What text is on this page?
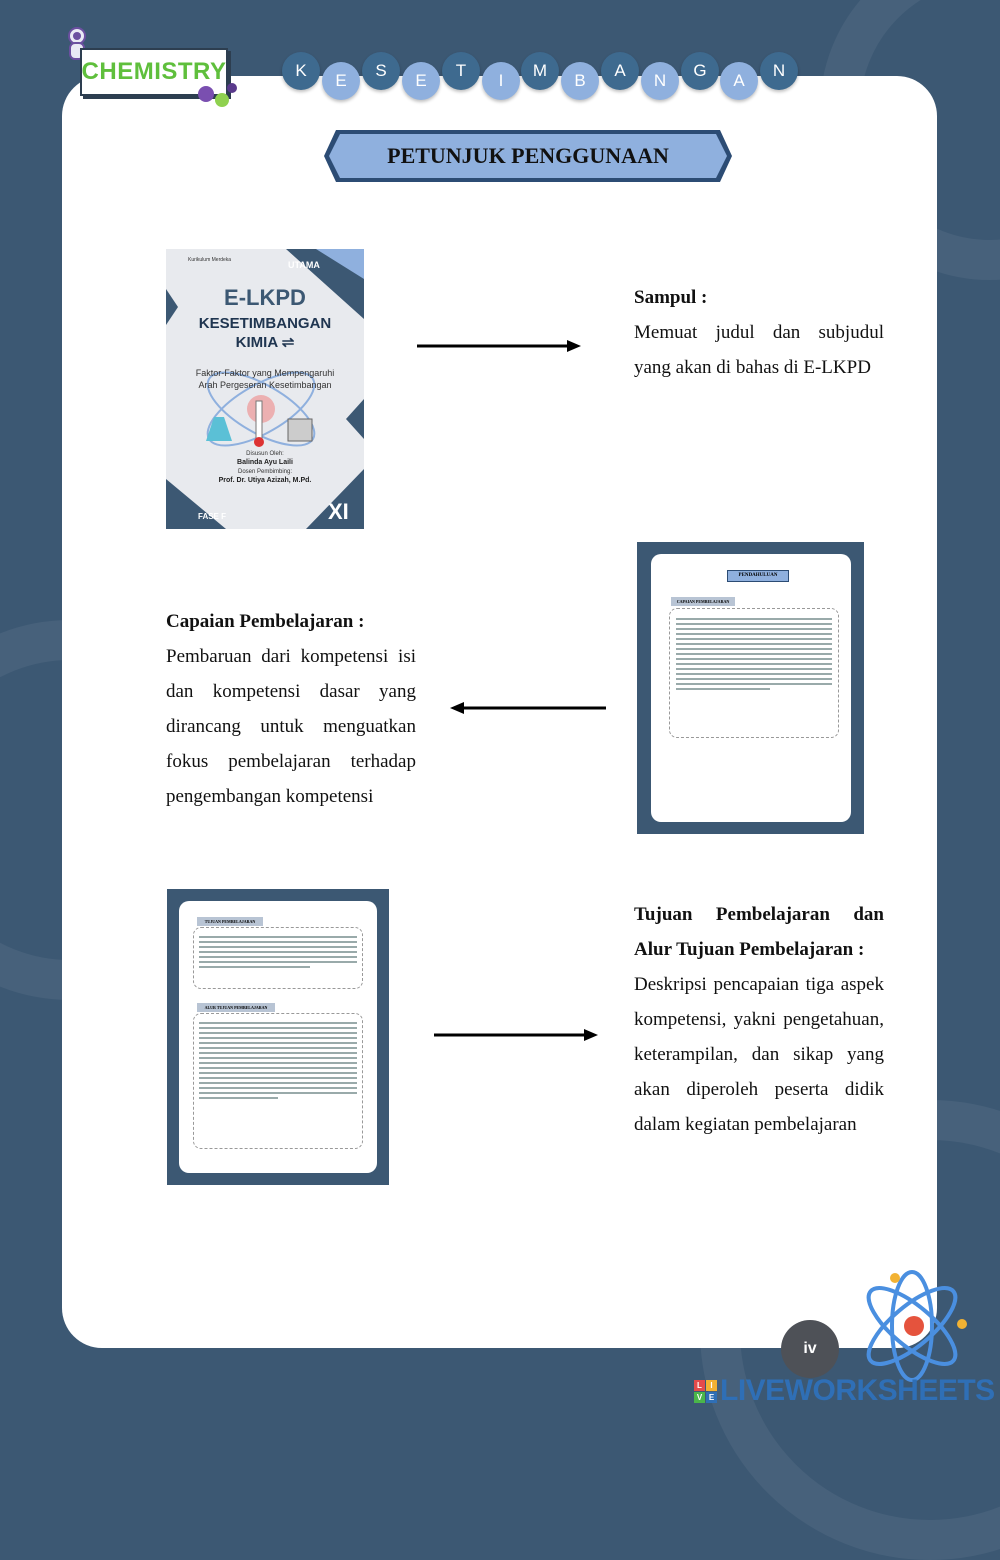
CHEMISTRY	K
E
S
E
T
I
M
B
A
N
G
A
N
PETUNJUK PENGGUNAAN
Kurikulum Merdeka	UTAMA
E-LKPD
KESETIMBANGAN
KIMIA ⇌
Faktor-Faktor yang Mempengaruhi Arah Pergeseran Kesetimbangan
Disusun Oleh:
Balinda Ayu Laili
Dosen Pembimbing:
Prof. Dr. Utiya Azizah, M.Pd.
FASE F	XI
Sampul :
Memuat judul dan subjudul yang akan di bahas di E-LKPD
Capaian Pembelajaran :
Pembaruan dari kompetensi isi dan kompetensi dasar yang dirancang untuk menguatkan fokus pembelajaran terhadap pengembangan kompetensi
PENDAHULUAN
CAPAIAN PEMBELAJARAN
TUJUAN PEMBELAJARAN
ALUR TUJUAN PEMBELAJARAN
Tujuan Pembelajaran dan Alur Tujuan Pembelajaran :
Deskripsi pencapaian tiga aspek kompetensi, yakni pengetahuan, keterampilan, dan sikap yang akan diperoleh peserta didik dalam kegiatan pembelajaran
iv
L	I
V E LIVEWORKSHEETS
